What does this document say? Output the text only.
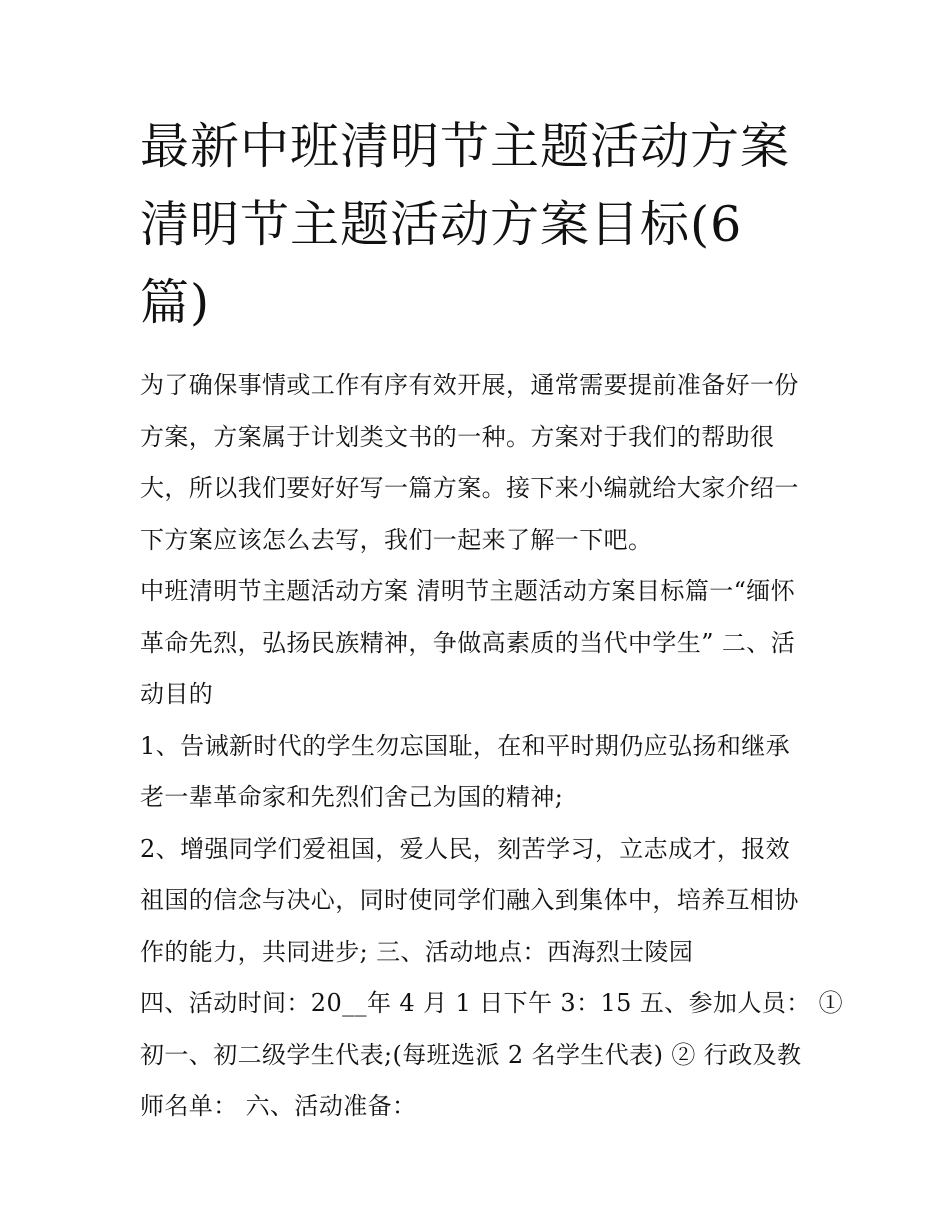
最新中班清明节主题活动方案
清明节主题活动方案目标(6
篇)

为了确保事情或工作有序有效开展，通常需要提前准备好一份
方案，方案属于计划类文书的一种。方案对于我们的帮助很
大，所以我们要好好写一篇方案。接下来小编就给大家介绍一
下方案应该怎么去写，我们一起来了解一下吧。

中班清明节主题活动方案 清明节主题活动方案目标篇一“缅怀
革命先烈，弘扬民族精神，争做高素质的当代中学生” 二、活
动目的

1、告诫新时代的学生勿忘国耻，在和平时期仍应弘扬和继承
老一辈革命家和先烈们舍己为国的精神;

2、增强同学们爱祖国，爱人民，刻苦学习，立志成才，报效
祖国的信念与决心，同时使同学们融入到集体中，培养互相协
作的能力，共同进步; 三、活动地点：西海烈士陵园

四、活动时间：20__年 4 月 1 日下午 3：15 五、参加人员： ①
初一、初二级学生代表;(每班选派 2 名学生代表) ② 行政及教
师名单： 六、活动准备：
